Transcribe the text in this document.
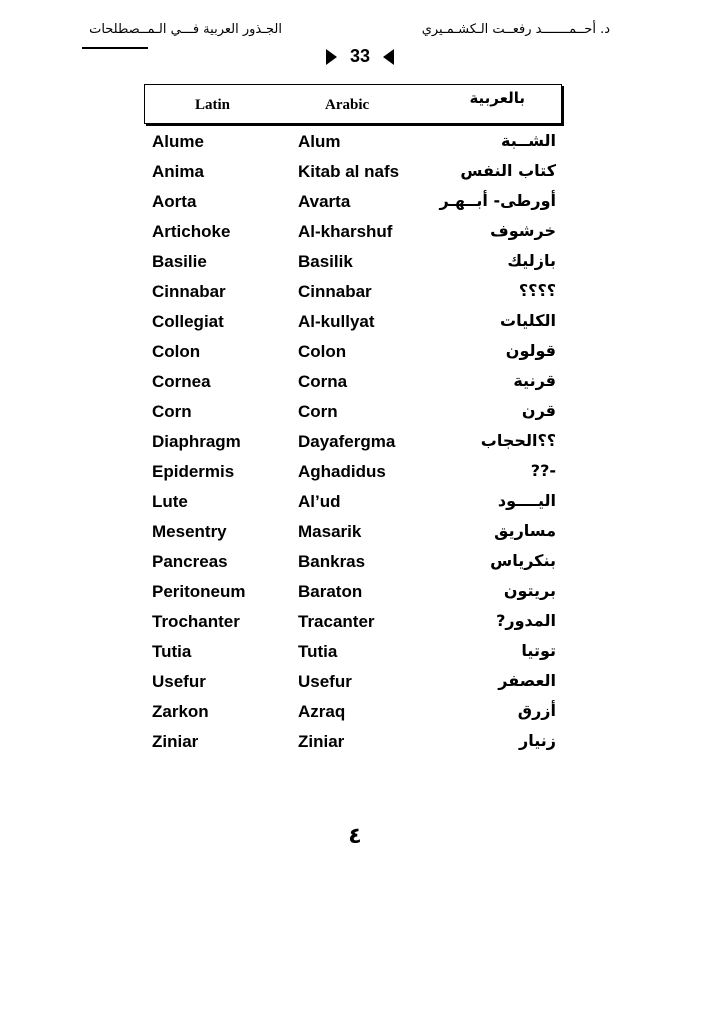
د. أحــمـــــــد رفعــت الـكشـمـيري
الجـذور العربية فـــي الـمــصطلحات
33
Latin	Arabic	بالعربية
Alume	Alum	الشــبة
Anima	Kitab al nafs	كتاب النفس
Aorta	Avarta	أورطى- أبــهـر
Artichoke	Al-kharshuf	خرشوف
Basilie	Basilik	بازليك
Cinnabar	Cinnabar	؟؟؟؟
Collegiat	Al-kullyat	الكليات
Colon	Colon	قولون
Cornea	Corna	قرنية
Corn	Corn	قرن
Diaphragm	Dayafergma	؟؟الحجاب
Epidermis	Aghadidus	-??
Lute	Al’ud	اليــــود
Mesentry	Masarik	مساريق
Pancreas	Bankras	بنكرياس
Peritoneum	Baraton	بريتون
Trochanter	Tracanter	المدور?
Tutia	Tutia	توتيا
Usefur	Usefur	العصفر
Zarkon	Azraq	أزرق
Ziniar	Ziniar	زنيار
٤
